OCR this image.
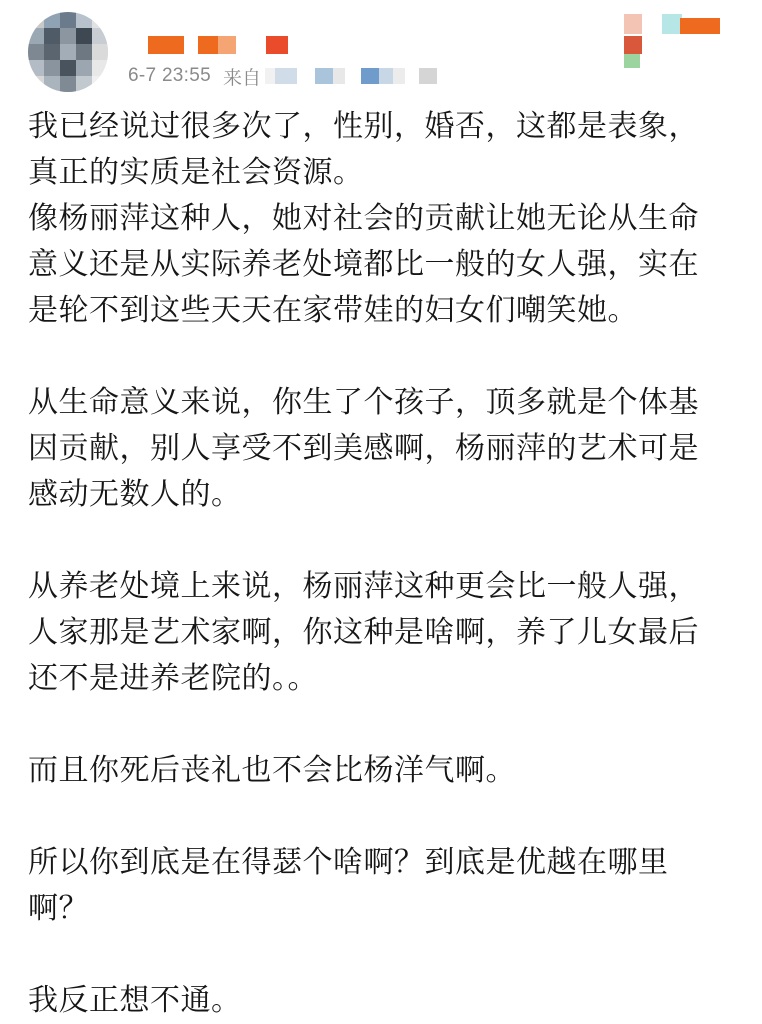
6-7 23:55 来自
我已经说过很多次了，性别，婚否，这都是表象，
真正的实质是社会资源。
像杨丽萍这种人，她对社会的贡献让她无论从生命
意义还是从实际养老处境都比一般的女人强，实在
是轮不到这些天天在家带娃的妇女们嘲笑她。
从生命意义来说，你生了个孩子，顶多就是个体基
因贡献，别人享受不到美感啊，杨丽萍的艺术可是
感动无数人的。
从养老处境上来说，杨丽萍这种更会比一般人强，
人家那是艺术家啊，你这种是啥啊，养了儿女最后
还不是进养老院的。。
而且你死后丧礼也不会比杨洋气啊。
所以你到底是在得瑟个啥啊？到底是优越在哪里
啊？
我反正想不通。
